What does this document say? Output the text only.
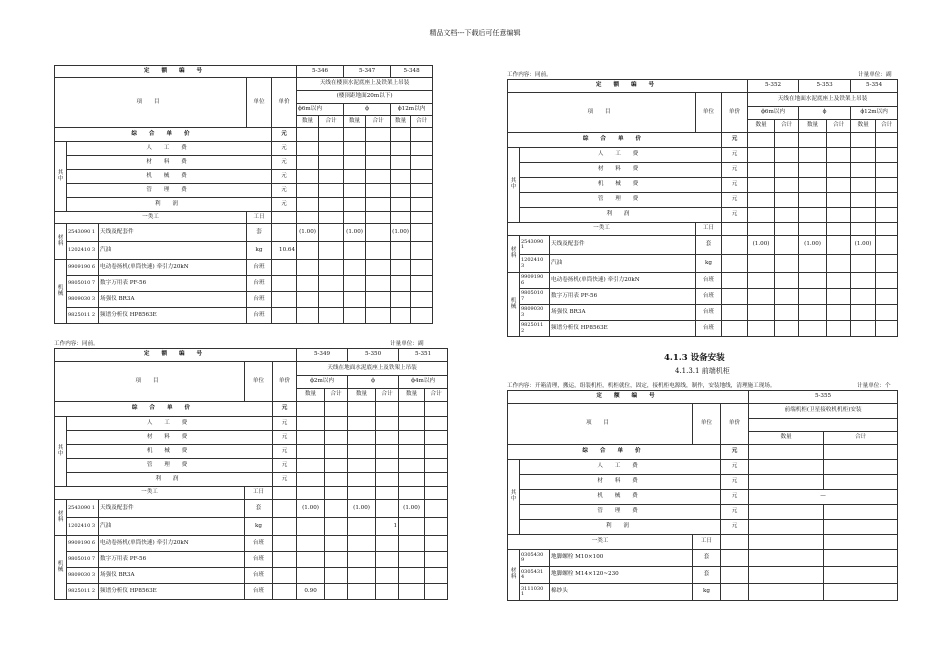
精品文档---下载后可任意编辑
定 额 编 号					5-346		5-347		5-348	
项 目			单位	单价	天线在楼顶水泥底座上及铁架上吊装					
					(楼顶距地面20m以下)					
					ϕ6m以内		ϕ		ϕ12m以内	
					数量	合计	数量	合计	数量	合计
综 合 单 价				元						
其中	人 工 费			元						
	材 料 费			元						
	机 械 费			元						
	管 理 费			元						
	利 润			元						
一类工			工日							
材料	2543090 1	天线及配套件	套		(1.00)		(1.00)		(1.00)	
	1202410 3	汽油	kg	10.64						
机械	9909190 6	电动卷扬机(单筒快速) 牵引力20kN	台班							
	9805010 7	数字万用表 PF-56	台班							
	9809030 3	场强仪 BR3A	台班							
	9825011 2	频谱分析仪 HP8563E	台班							
工作内容：同前。	计量单位：副
定 额 编 号					5-349		5-350		5-351	
项 目			单位	单价	天线在地面水泥底座上及铁架上吊装					
					ϕ2m以内		ϕ		ϕ4m以内	
					数量	合计	数量	合计	数量	合计
综 合 单 价				元						
其中	人 工 费			元						
	材 料 费			元						
	机 械 费			元						
	管 理 费			元						
	利 润			元						
一类工			工日							
材料	2543090 1	天线及配套件	套		(1.00)		(1.00)		(1.00)	
	1202410 3	汽油	kg					1		
机械	9909190 6	电动卷扬机(单筒快速) 牵引力20kN	台班							
	9805010 7	数字万用表 PF-56	台班							
	9809030 3	场强仪 BR3A	台班							
	9825011 2	频谱分析仪 HP8563E	台班		0.90					
工作内容：同前。	计量单位：副
定 额 编 号					5-352		5-353		5-354	
项 目			单位	单价	天线在地面水泥底座上及铁架上吊装					
					ϕ6m以内		ϕ		ϕ12m以内	
					数量	合计	数量	合计	数量	合计
综 合 单 价				元						
其中	人 工 费			元						
	材 料 费			元						
	机 械 费			元						
	管 理 费			元						
	利 润			元						
一类工			工日							
材料	2543090 1	天线及配套件	套		(1.00)		(1.00)		(1.00)	
	1202410 3	汽油	kg							
机械	9909190 6	电动卷扬机(单筒快速) 牵引力20kN	台班							
	9805010 7	数字万用表 PF-56	台班							
	9809030 3	场强仪 BR3A	台班							
	9825011 2	频谱分析仪 HP8563E	台班							
4.1.3 设备安装
4.1.3.1 前端机柜
工作内容：开箱清理，搬运，组装机柜，机柜就位，固定，接机柜电源线，制作，安装地线，清理施工现场。	计量单位：个
定 额 编 号					5-355	
项 目			单位	单价	前端机柜(卫星接收机机柜)安装	

					数量	合计
综 合 单 价				元		
其中	人 工 费			元		
	材 料 费			元		
	机 械 费			元	—	
	管 理 费			元		
	利 润			元		
一类工			工日			
材料	0305430 9	地脚螺栓 M10×100	套			
	0305431 4	地脚螺栓 M14×120~230	套			
	3111030 1	棉纱头	kg			
